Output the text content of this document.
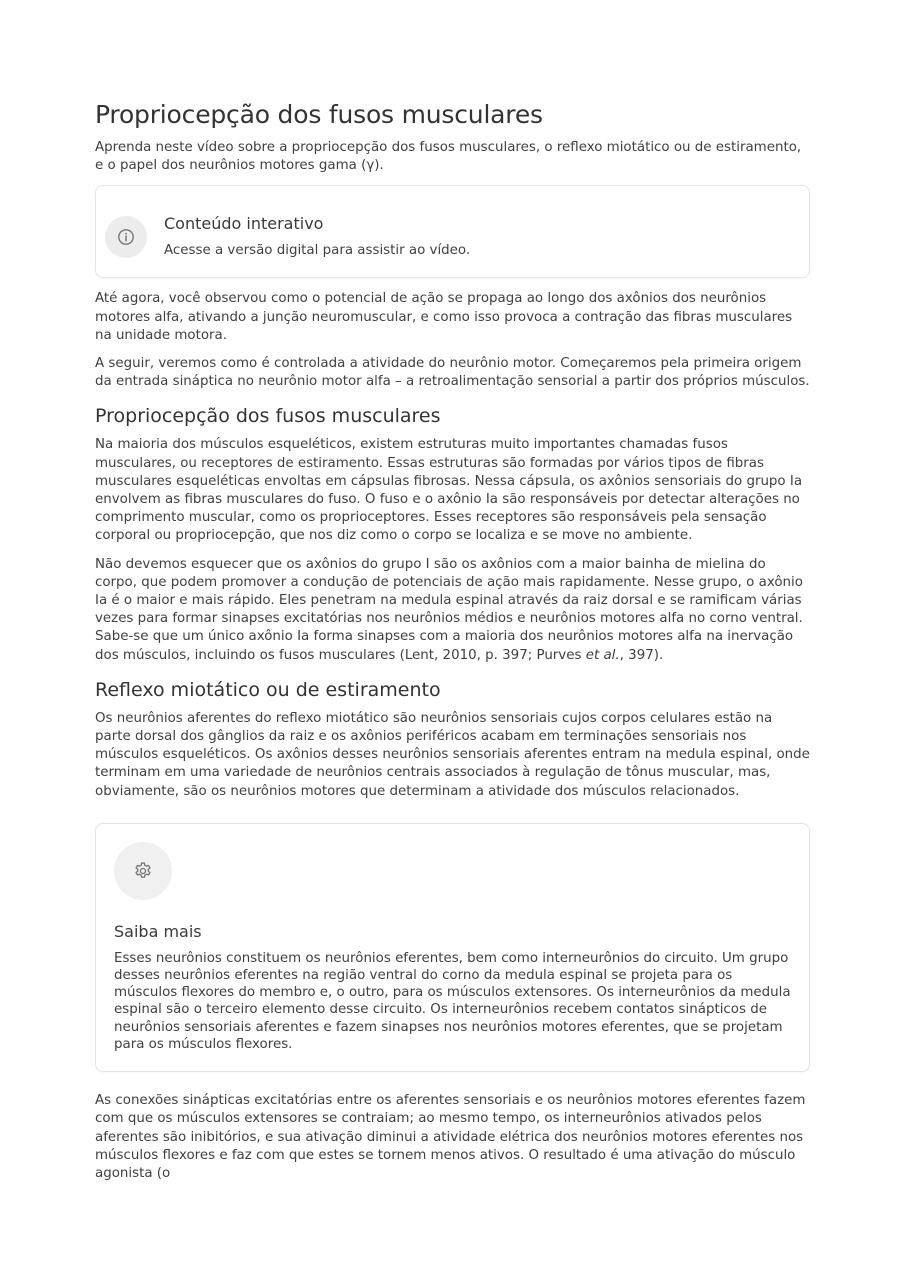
Propriocepção dos fusos musculares

Aprenda neste vídeo sobre a propriocepção dos fusos musculares, o reflexo miotático ou de estiramento, e o papel dos neurônios motores gama (γ).

Conteúdo interativo

Acesse a versão digital para assistir ao vídeo.

Até agora, você observou como o potencial de ação se propaga ao longo dos axônios dos neurônios motores alfa, ativando a junção neuromuscular, e como isso provoca a contração das fibras musculares na unidade motora.

A seguir, veremos como é controlada a atividade do neurônio motor. Começaremos pela primeira origem da entrada sináptica no neurônio motor alfa – a retroalimentação sensorial a partir dos próprios músculos.

Propriocepção dos fusos musculares

Na maioria dos músculos esqueléticos, existem estruturas muito importantes chamadas fusos musculares, ou receptores de estiramento. Essas estruturas são formadas por vários tipos de fibras musculares esqueléticas envoltas em cápsulas fibrosas. Nessa cápsula, os axônios sensoriais do grupo Ia envolvem as fibras musculares do fuso. O fuso e o axônio Ia são responsáveis por detectar alterações no comprimento muscular, como os proprioceptores. Esses receptores são responsáveis pela sensação corporal ou propriocepção, que nos diz como o corpo se localiza e se move no ambiente.

Não devemos esquecer que os axônios do grupo I são os axônios com a maior bainha de mielina do corpo, que podem promover a condução de potenciais de ação mais rapidamente. Nesse grupo, o axônio Ia é o maior e mais rápido. Eles penetram na medula espinal através da raiz dorsal e se ramificam várias vezes para formar sinapses excitatórias nos neurônios médios e neurônios motores alfa no corno ventral. Sabe-se que um único axônio Ia forma sinapses com a maioria dos neurônios motores alfa na inervação dos músculos, incluindo os fusos musculares (Lent, 2010, p. 397; Purves et al., 397).

Reflexo miotático ou de estiramento

Os neurônios aferentes do reflexo miotático são neurônios sensoriais cujos corpos celulares estão na parte dorsal dos gânglios da raiz e os axônios periféricos acabam em terminações sensoriais nos músculos esqueléticos. Os axônios desses neurônios sensoriais aferentes entram na medula espinal, onde terminam em uma variedade de neurônios centrais associados à regulação de tônus muscular, mas, obviamente, são os neurônios motores que determinam a atividade dos músculos relacionados.

Saiba mais

Esses neurônios constituem os neurônios eferentes, bem como interneurônios do circuito. Um grupo desses neurônios eferentes na região ventral do corno da medula espinal se projeta para os músculos flexores do membro e, o outro, para os músculos extensores. Os interneurônios da medula espinal são o terceiro elemento desse circuito. Os interneurônios recebem contatos sinápticos de neurônios sensoriais aferentes e fazem sinapses nos neurônios motores eferentes, que se projetam para os músculos flexores.

As conexões sinápticas excitatórias entre os aferentes sensoriais e os neurônios motores eferentes fazem com que os músculos extensores se contraiam; ao mesmo tempo, os interneurônios ativados pelos aferentes são inibitórios, e sua ativação diminui a atividade elétrica dos neurônios motores eferentes nos músculos flexores e faz com que estes se tornem menos ativos. O resultado é uma ativação do músculo agonista (o
